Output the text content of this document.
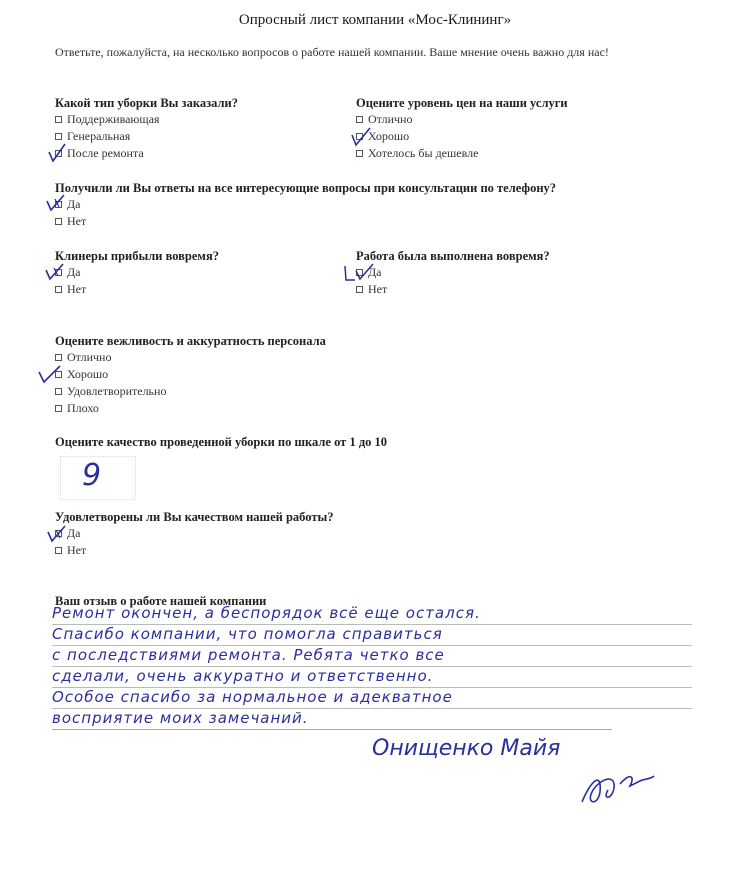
Опросный лист компании «Мос-Клининг»
Ответьте, пожалуйста, на несколько вопросов о работе нашей компании. Ваше мнение очень важно для нас!
Какой тип уборки Вы заказали?
Поддерживающая
Генеральная
После ремонта
Оцените уровень цен на наши услуги
Отлично
Хорошо
Хотелось бы дешевле
Получили ли Вы ответы на все интересующие вопросы при консультации по телефону?
Да
Нет
Клинеры прибыли вовремя?
Да
Нет
Работа была выполнена вовремя?
Да
Нет
Оцените вежливость и аккуратность персонала
Отлично
Хорошо
Удовлетворительно
Плохо
Оцените качество проведенной уборки по шкале от 1 до 10
9
Удовлетворены ли Вы качеством нашей работы?
Да
Нет
Ваш отзыв о работе нашей компании
Ремонт окончен, а беспорядок всё еще остался.
Спасибо компании, что помогла справиться
с последствиями ремонта. Ребята четко все
сделали, очень аккуратно и ответственно.
Особое спасибо за нормальное и адекватное
восприятие моих замечаний.
Онищенко Майя
